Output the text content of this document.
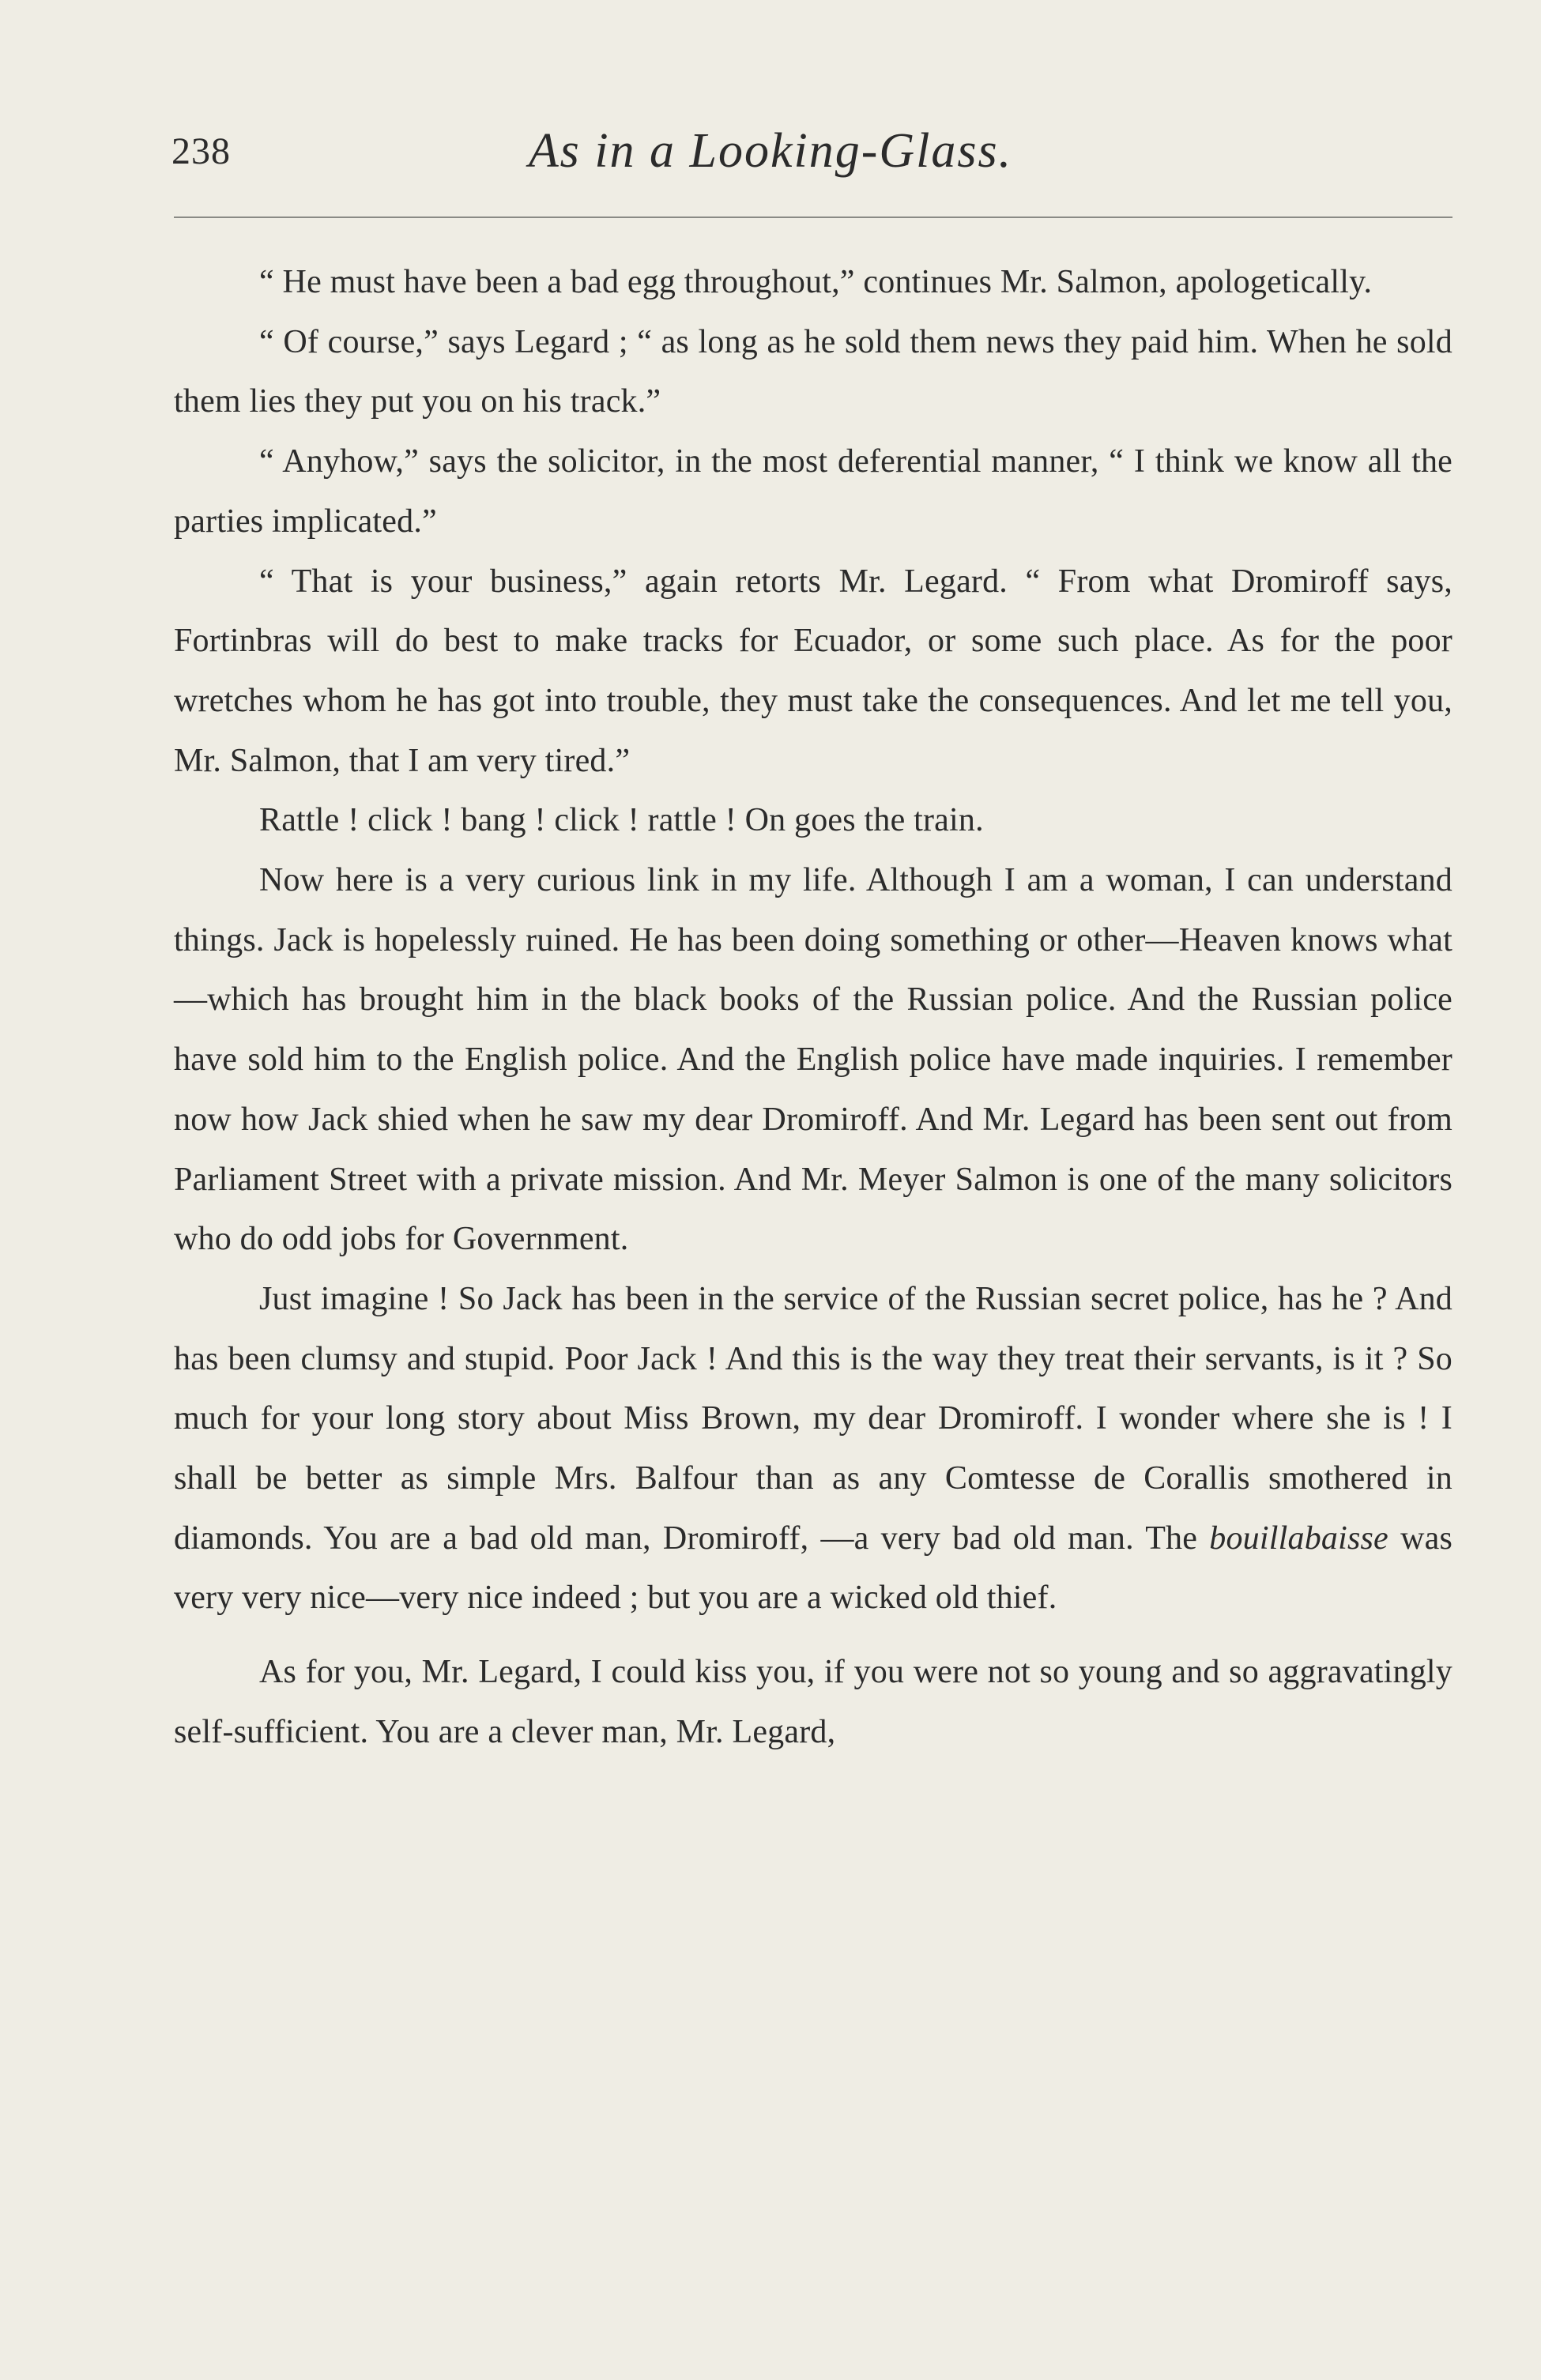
238	As in a Looking-Glass.

“ He must have been a bad egg throughout,” continues Mr. Salmon, apologetically.

“ Of course,” says Legard ; “ as long as he sold them news they paid him. When he sold them lies they put you on his track.”

“ Anyhow,” says the solicitor, in the most deferential manner, “ I think we know all the parties implicated.”

“ That is your business,” again retorts Mr. Legard. “ From what Dromiroff says, Fortinbras will do best to make tracks for Ecuador, or some such place. As for the poor wretches whom he has got into trouble, they must take the consequences. And let me tell you, Mr. Salmon, that I am very tired.”

Rattle ! click ! bang ! click ! rattle ! On goes the train.

Now here is a very curious link in my life. Although I am a woman, I can understand things. Jack is hopelessly ruined. He has been doing something or other—Heaven knows what—which has brought him in the black books of the Russian police. And the Russian police have sold him to the English police. And the English police have made inquiries. I remember now how Jack shied when he saw my dear Dromiroff. And Mr. Legard has been sent out from Parliament Street with a private mission. And Mr. Meyer Salmon is one of the many solicitors who do odd jobs for Government.

Just imagine ! So Jack has been in the service of the Russian secret police, has he ? And has been clumsy and stupid. Poor Jack ! And this is the way they treat their servants, is it ? So much for your long story about Miss Brown, my dear Dromiroff. I wonder where she is ! I shall be better as simple Mrs. Balfour than as any Comtesse de Corallis smothered in diamonds. You are a bad old man, Dromiroff, —a very bad old man. The bouillabaisse was very very nice—very nice indeed ; but you are a wicked old thief.

As for you, Mr. Legard, I could kiss you, if you were not so young and so aggravatingly self-sufficient. You are a clever man, Mr. Legard,
